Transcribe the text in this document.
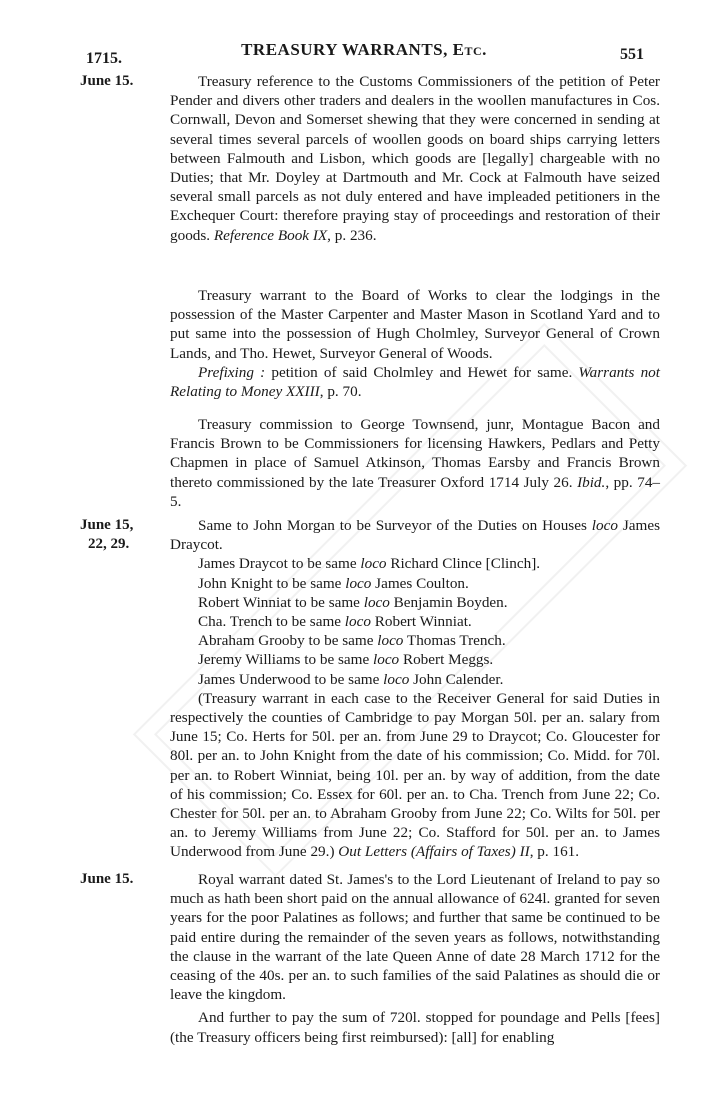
1715.	TREASURY WARRANTS, Etc.	551
June 15.	Treasury reference to the Customs Commissioners of the petition of Peter Pender and divers other traders and dealers in the woollen manufactures in Cos. Cornwall, Devon and Somerset shewing that they were concerned in sending at several times several parcels of woollen goods on board ships carrying letters between Falmouth and Lisbon, which goods are [legally] chargeable with no Duties; that Mr. Doyley at Dartmouth and Mr. Cock at Falmouth have seized several small parcels as not duly entered and have impleaded petitioners in the Exchequer Court: therefore praying stay of proceedings and restoration of their goods. Reference Book IX, p. 236.

Treasury warrant to the Board of Works to clear the lodgings in the possession of the Master Carpenter and Master Mason in Scotland Yard and to put same into the possession of Hugh Cholmley, Surveyor General of Crown Lands, and Tho. Hewet, Surveyor General of Woods.

Prefixing : petition of said Cholmley and Hewet for same. Warrants not Relating to Money XXIII, p. 70.

Treasury commission to George Townsend, junr, Montague Bacon and Francis Brown to be Commissioners for licensing Hawkers, Pedlars and Petty Chapmen in place of Samuel Atkinson, Thomas Earsby and Francis Brown thereto commissioned by the late Treasurer Oxford 1714 July 26. Ibid., pp. 74–5.

June 15,
22, 29.

Same to John Morgan to be Surveyor of the Duties on Houses loco James Draycot.

James Draycot to be same loco Richard Clince [Clinch].

John Knight to be same loco James Coulton.

Robert Winniat to be same loco Benjamin Boyden.

Cha. Trench to be same loco Robert Winniat.

Abraham Grooby to be same loco Thomas Trench.

Jeremy Williams to be same loco Robert Meggs.

James Underwood to be same loco John Calender.

(Treasury warrant in each case to the Receiver General for said Duties in respectively the counties of Cambridge to pay Morgan 50l. per an. salary from June 15; Co. Herts for 50l. per an. from June 29 to Draycot; Co. Gloucester for 80l. per an. to John Knight from the date of his commission; Co. Midd. for 70l. per an. to Robert Winniat, being 10l. per an. by way of addition, from the date of his commission; Co. Essex for 60l. per an. to Cha. Trench from June 22; Co. Chester for 50l. per an. to Abraham Grooby from June 22; Co. Wilts for 50l. per an. to Jeremy Williams from June 22; Co. Stafford for 50l. per an. to James Underwood from June 29.) Out Letters (Affairs of Taxes) II, p. 161.

June 15.	Royal warrant dated St. James's to the Lord Lieutenant of Ireland to pay so much as hath been short paid on the annual allowance of 624l. granted for seven years for the poor Palatines as follows; and further that same be continued to be paid entire during the remainder of the seven years as follows, notwithstanding the clause in the warrant of the late Queen Anne of date 28 March 1712 for the ceasing of the 40s. per an. to such families of the said Palatines as should die or leave the kingdom.

And further to pay the sum of 720l. stopped for poundage and Pells [fees] (the Treasury officers being first reimbursed): [all] for enabling
